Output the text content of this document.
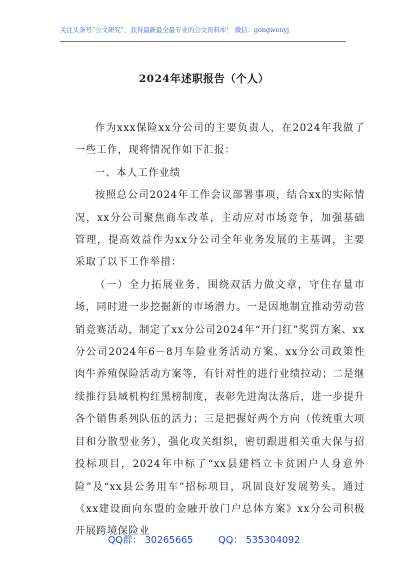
关注头条号“公文研究”，获得最新最全最专业的公文资料库！ 微信：gongwenyj
2024年述职报告（个人）

作为xxx保险xx分公司的主要负责人，在2024年我做了一些工作，现将情况作如下汇报：

一、本人工作业绩

按照总公司2024年工作会议部署事项，结合xx的实际情况，xx分公司聚焦商车改革，主动应对市场竞争，加强基础管理，提高效益作为xx分公司全年业务发展的主基调，主要采取了以下工作举措：

（一）全力拓展业务，围绕双活力做文章，守住存量市场，同时进一步挖掘新的市场潜力。一是因地制宜推动劳动营销竞赛活动，制定了xx分公司2024年“开门红”奖罚方案、xx分公司2024年6－8月车险业务活动方案、xx分公司政策性肉牛养殖保险活动方案等，有针对性的进行业绩拉动；二是继续推行县域机构红黑榜制度，表彰先进淘汰落后，进一步提升各个销售系列队伍的活力；三是把握好两个方向（传统重大项目和分散型业务），强化攻关组织，密切跟进相关重大保与招投标项目，2024年中标了“xx县建档立卡贫困户人身意外险”及“xx县公务用车”招标项目，巩固良好发展势头。通过《xx建设面向东盟的金融开放门户总体方案》xx分公司积极开展跨境保险业

QQ群： 30265665	QQ： 535304092
